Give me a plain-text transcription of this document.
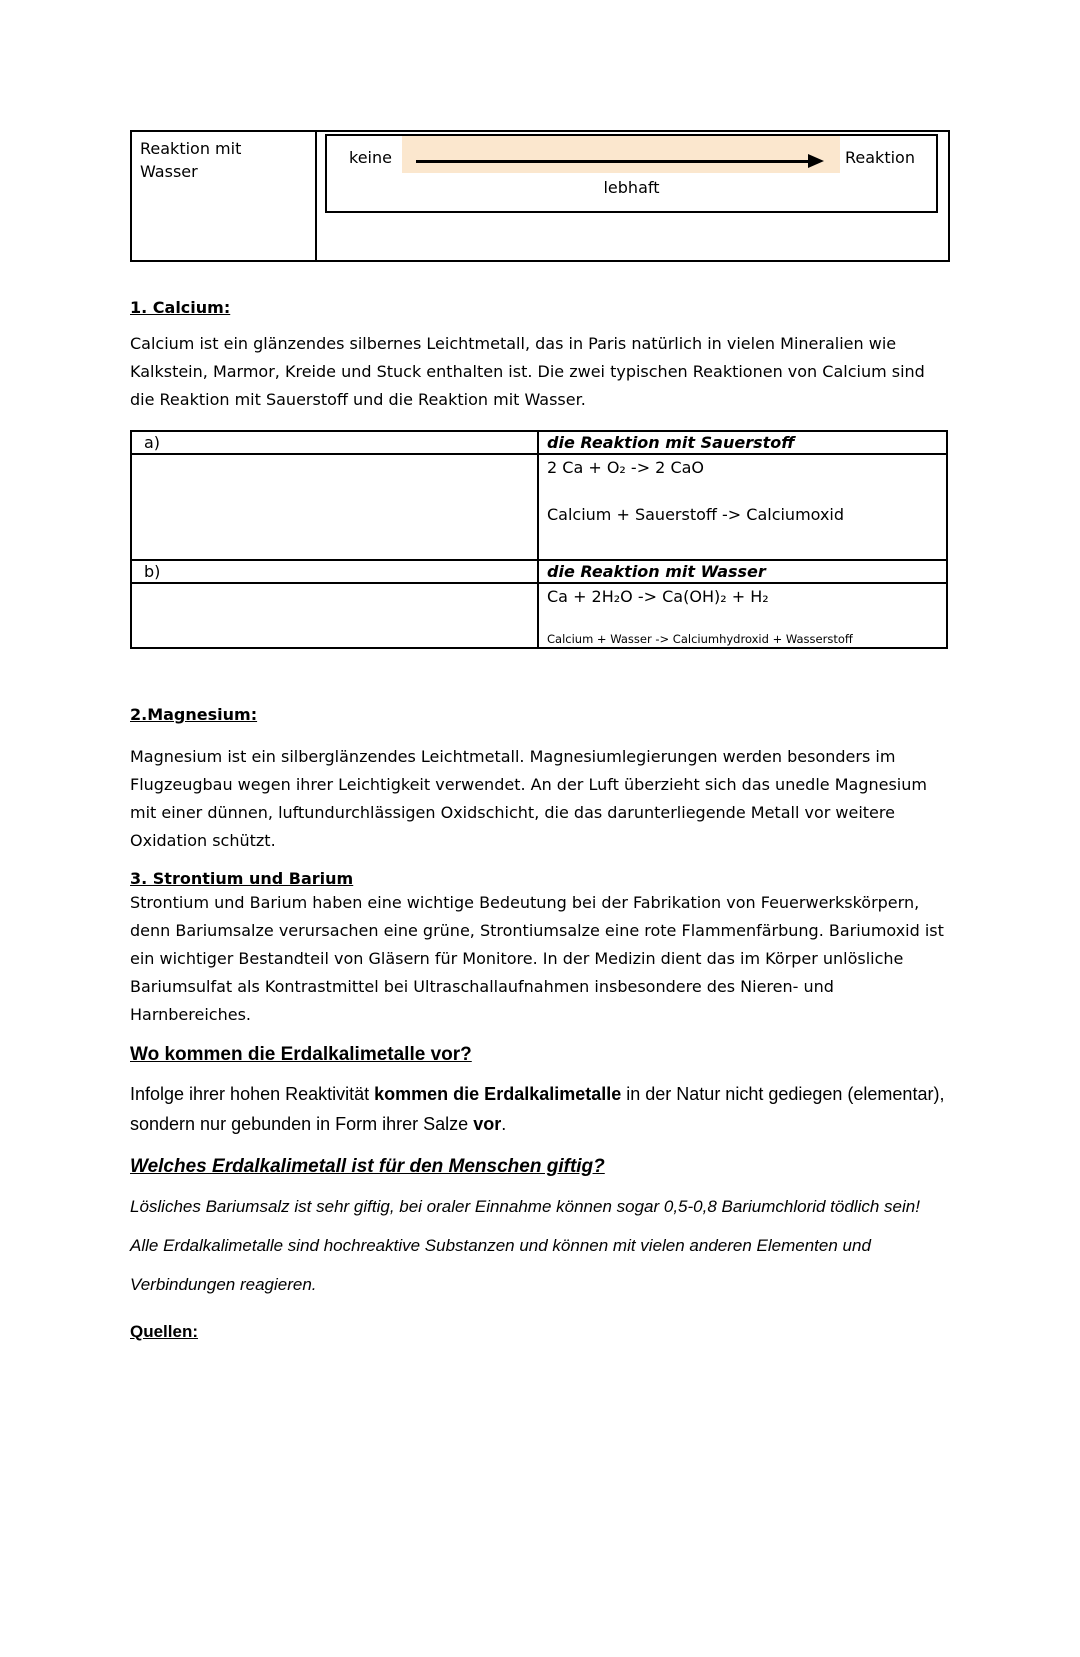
Reaktion mit Wasser
keine	Reaktion
lebhaft
1. Calcium:
Calcium ist ein glänzendes silbernes Leichtmetall, das in Paris natürlich in vielen Mineralien wie Kalkstein, Marmor, Kreide und Stuck enthalten ist. Die zwei typischen Reaktionen von Calcium sind die Reaktion mit Sauerstoff und die Reaktion mit Wasser.
a)	die Reaktion mit Sauerstoff

	2 Ca + O₂ -> 2 CaO
Calcium + Sauerstoff -> Calciumoxid

b)	die Reaktion mit Wasser

	Ca + 2H₂O -> Ca(OH)₂ + H₂
Calcium + Wasser -> Calciumhydroxid + Wasserstoff
2.Magnesium:
Magnesium ist ein silberglänzendes Leichtmetall. Magnesiumlegierungen werden besonders im Flugzeugbau wegen ihrer Leichtigkeit verwendet. An der Luft überzieht sich das unedle Magnesium mit einer dünnen, luftundurchlässigen Oxidschicht, die das darunterliegende Metall vor weitere Oxidation schützt.
3. Strontium und Barium
Strontium und Barium haben eine wichtige Bedeutung bei der Fabrikation von Feuerwerkskörpern, denn Bariumsalze verursachen eine grüne, Strontiumsalze eine rote Flammenfärbung. Bariumoxid ist ein wichtiger Bestandteil von Gläsern für Monitore. In der Medizin dient das im Körper unlösliche Bariumsulfat als Kontrastmittel bei Ultraschallaufnahmen insbesondere des Nieren- und Harnbereiches.
Wo kommen die Erdalkalimetalle vor?
Infolge ihrer hohen Reaktivität kommen die Erdalkalimetalle in der Natur nicht gediegen (elementar), sondern nur gebunden in Form ihrer Salze vor.
Welches Erdalkalimetall ist für den Menschen giftig?
Lösliches Bariumsalz ist sehr giftig, bei oraler Einnahme können sogar 0,5-0,8 Bariumchlorid tödlich sein! Alle Erdalkalimetalle sind hochreaktive Substanzen und können mit vielen anderen Elementen und Verbindungen reagieren.
Quellen:
